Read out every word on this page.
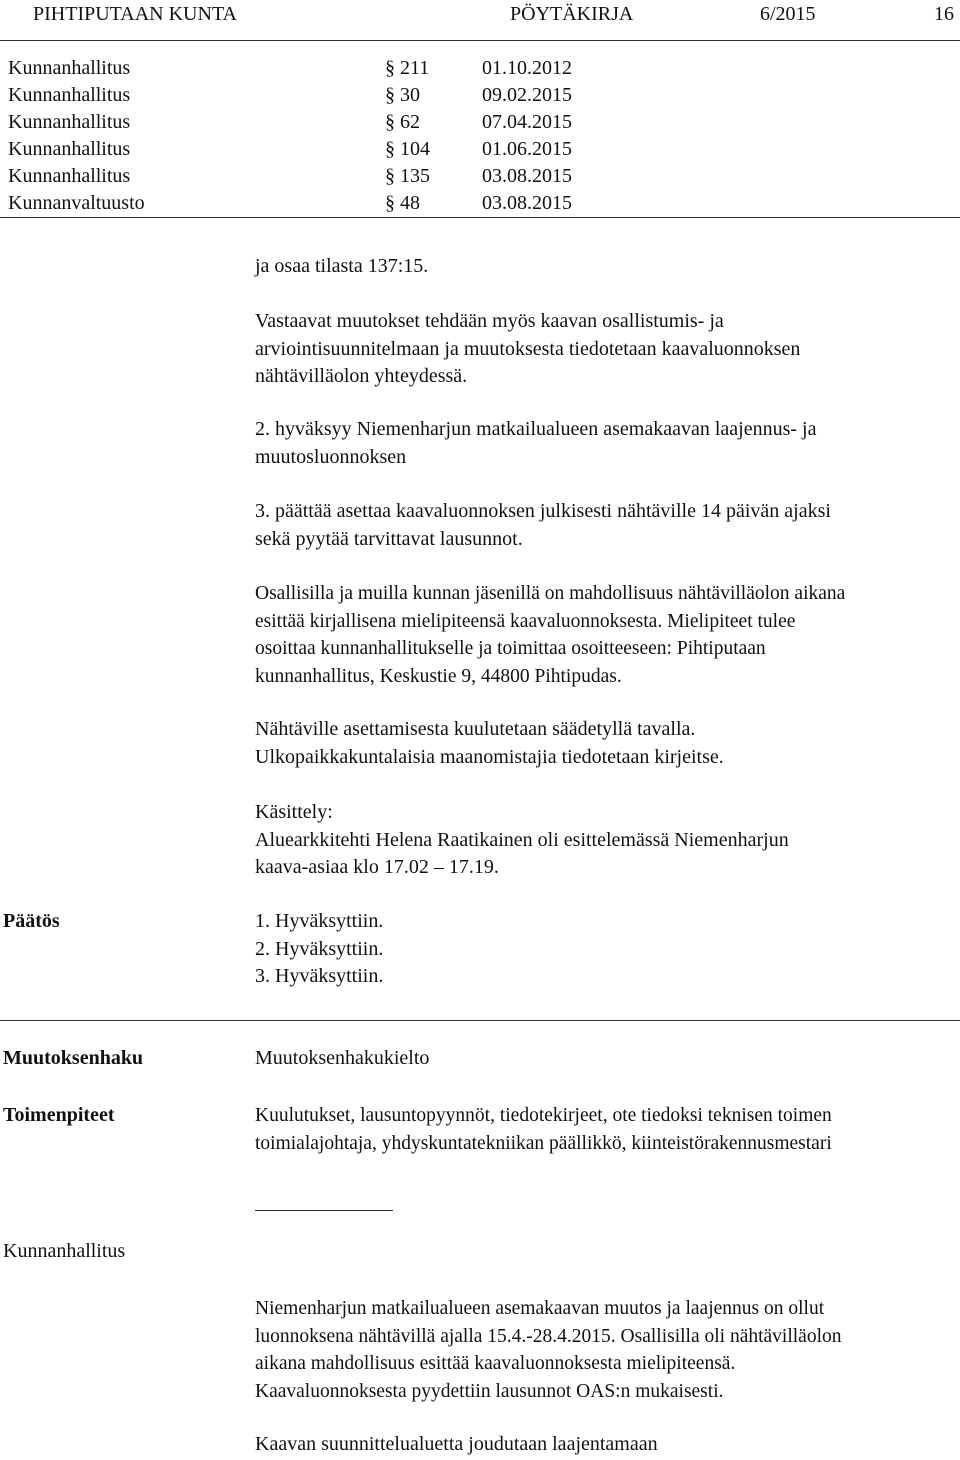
PIHTIPUTAAN KUNTA	PÖYTÄKIRJA	6/2015	16
Kunnanhallitus	§ 211	01.10.2012
Kunnanhallitus	§ 30	09.02.2015
Kunnanhallitus	§ 62	07.04.2015
Kunnanhallitus	§ 104	01.06.2015
Kunnanhallitus	§ 135	03.08.2015
Kunnanvaltuusto	§ 48	03.08.2015
ja osaa tilasta 137:15.
Vastaavat muutokset tehdään myös kaavan osallistumis- ja
arviointisuunnitelmaan ja muutoksesta tiedotetaan kaavaluonnoksen
nähtävilläolon yhteydessä.
2. hyväksyy Niemenharjun matkailualueen asemakaavan laajennus- ja
muutosluonnoksen
3. päättää asettaa kaavaluonnoksen julkisesti nähtäville 14 päivän ajaksi
sekä pyytää tarvittavat lausunnot.
Osallisilla ja muilla kunnan jäsenillä on mahdollisuus nähtävilläolon aikana
esittää kirjallisena mielipiteensä kaavaluonnoksesta. Mielipiteet tulee
osoittaa kunnanhallitukselle ja toimittaa osoitteeseen: Pihtiputaan
kunnanhallitus, Keskustie 9, 44800 Pihtipudas.
Nähtäville asettamisesta kuulutetaan säädetyllä tavalla.
Ulkopaikkakuntalaisia maanomistajia tiedotetaan kirjeitse.
Käsittely:
Aluearkkitehti Helena Raatikainen oli esittelemässä Niemenharjun
kaava-asiaa klo 17.02 – 17.19.
Päätös	1. Hyväksyttiin.
2. Hyväksyttiin.
3. Hyväksyttiin.
Muutoksenhaku	Muutoksenhakukielto
Toimenpiteet	Kuulutukset, lausuntopyynnöt, tiedotekirjeet, ote tiedoksi teknisen toimen
toimialajohtaja, yhdyskuntatekniikan päällikkö, kiinteistörakennusmestari
Kunnanhallitus
Niemenharjun matkailualueen asemakaavan muutos ja laajennus on ollut
luonnoksena nähtävillä ajalla 15.4.-28.4.2015. Osallisilla oli nähtävilläolon
aikana mahdollisuus esittää kaavaluonnoksesta mielipiteensä.
Kaavaluonnoksesta pyydettiin lausunnot OAS:n mukaisesti.
Kaavan suunnittelualuetta joudutaan laajentamaan
